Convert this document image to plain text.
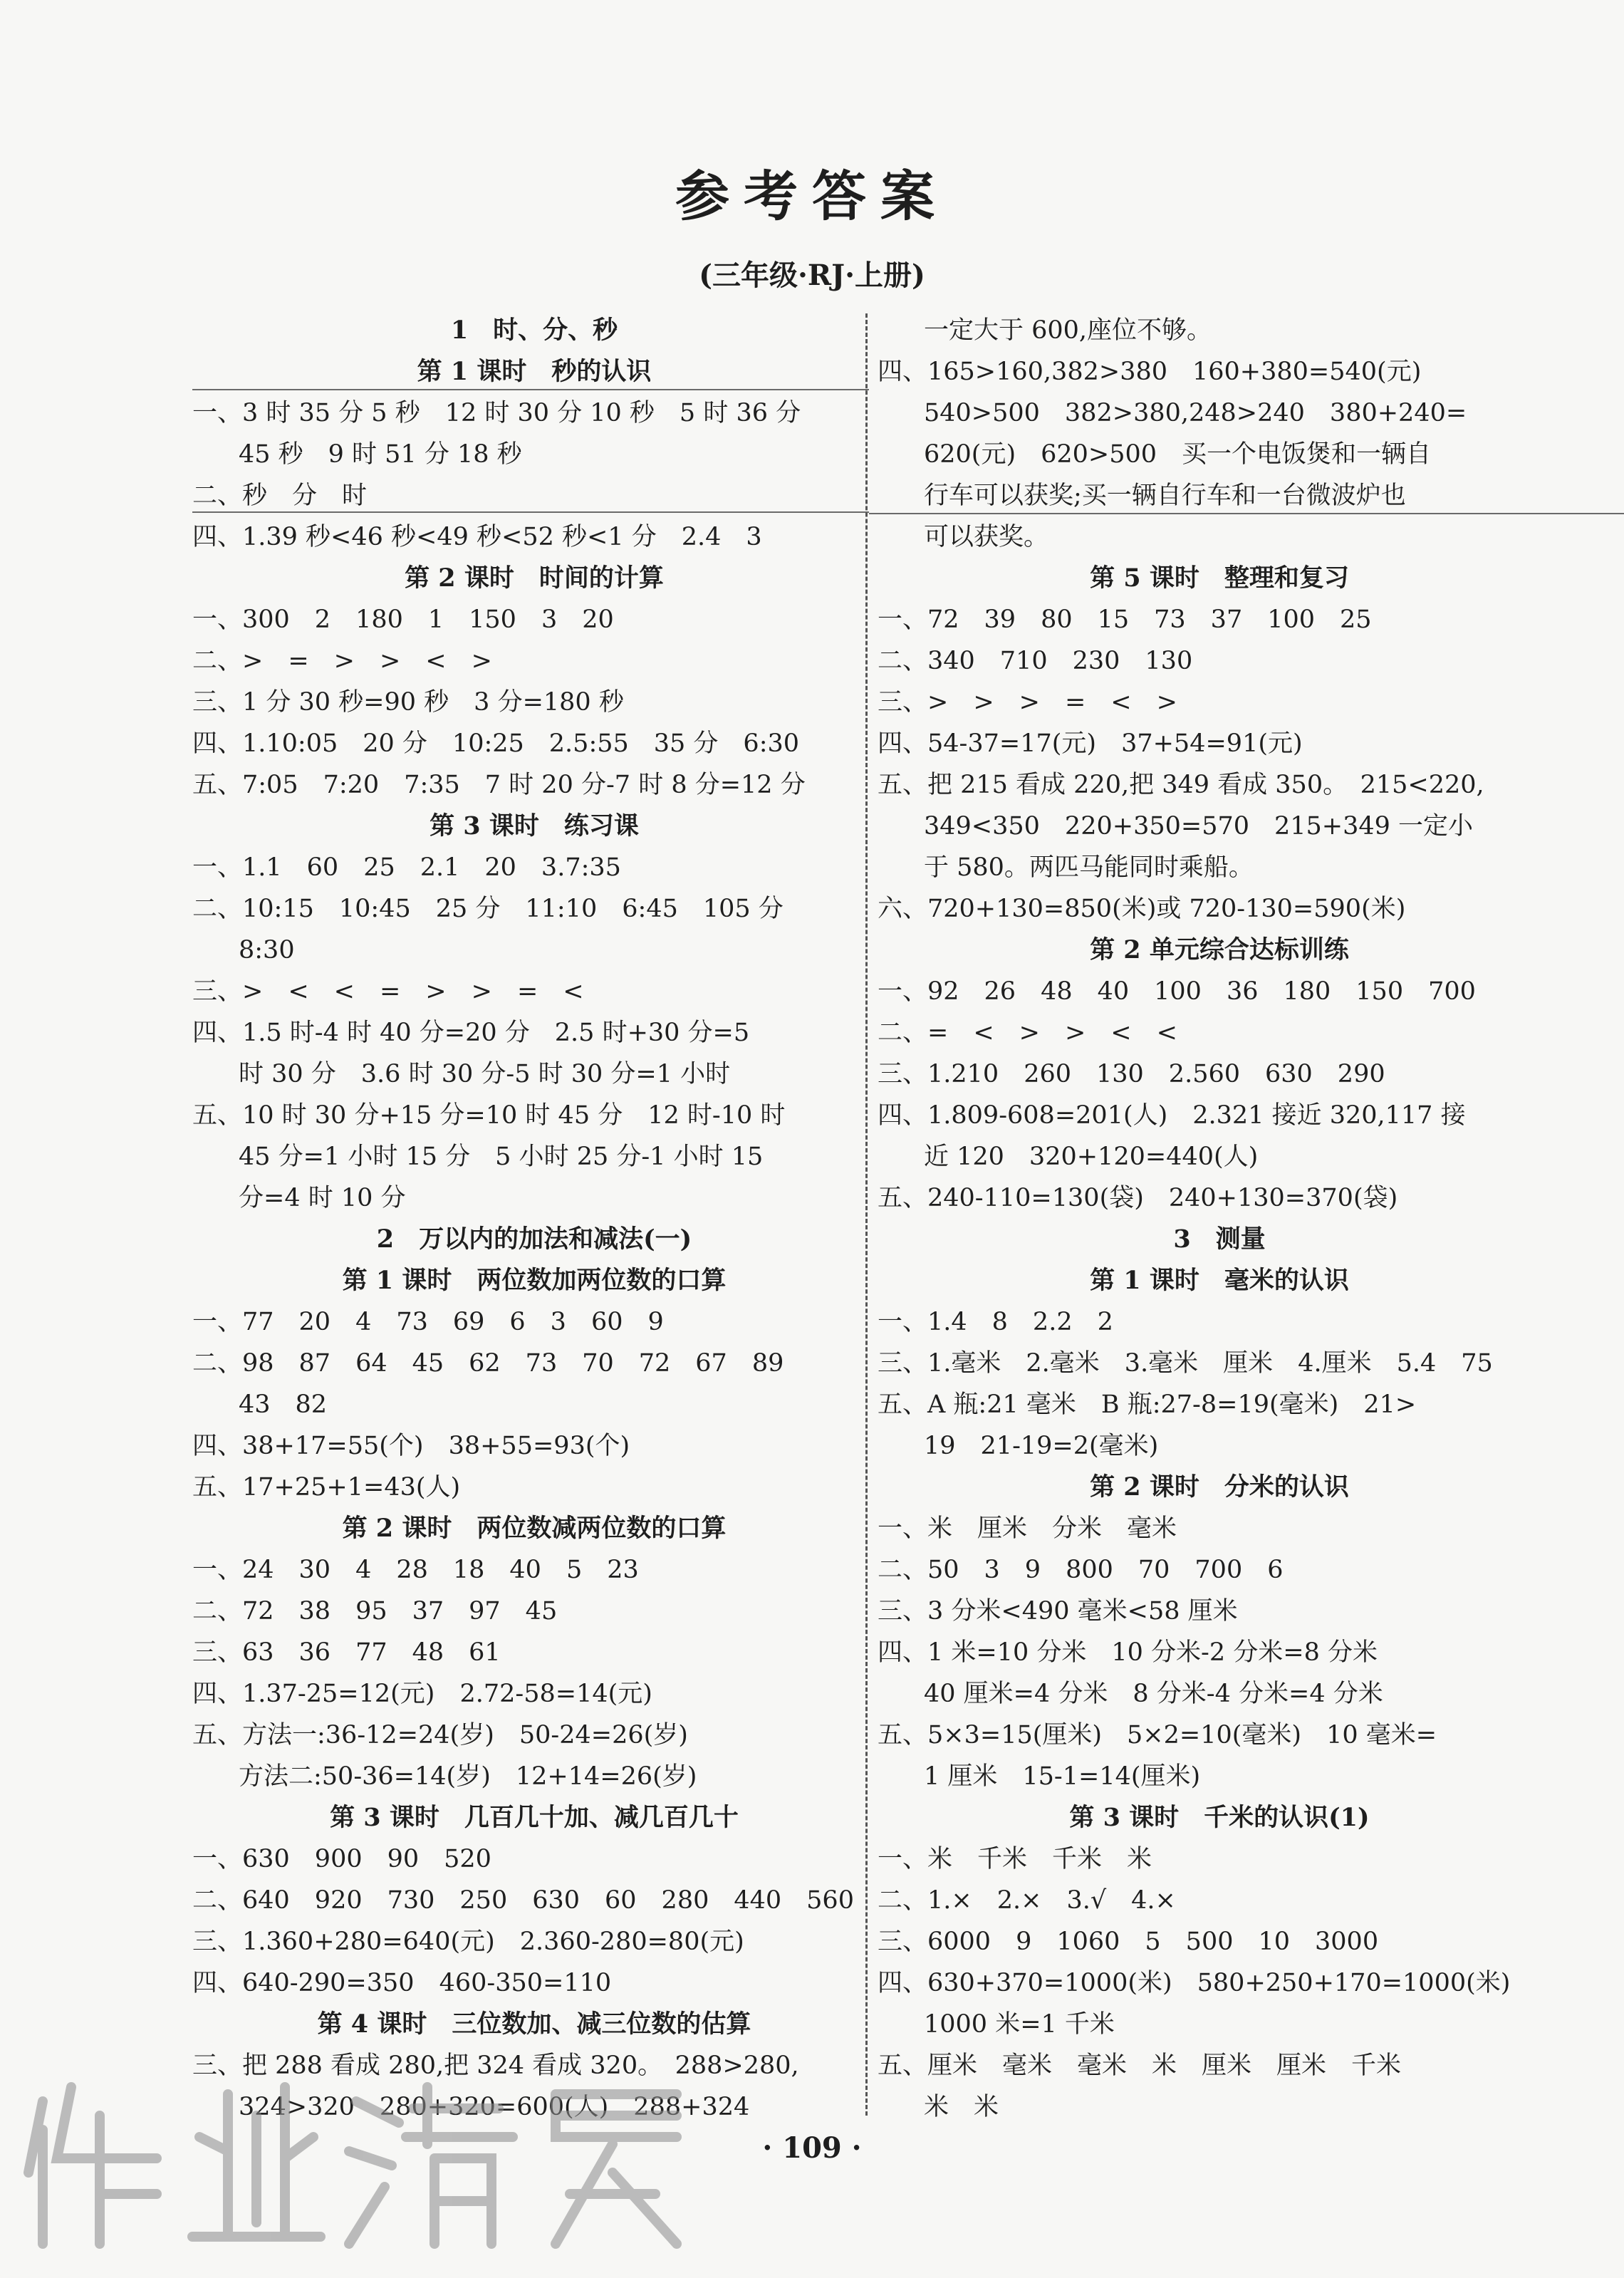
参考答案
(三年级·RJ·上册)
1　时、分、秒
第 1 课时　秒的认识
一、3 时 35 分 5 秒　12 时 30 分 10 秒　5 时 36 分
45 秒　9 时 51 分 18 秒
二、秒　分　时
四、1.39 秒<46 秒<49 秒<52 秒<1 分　2.4　3
第 2 课时　时间的计算
一、300　2　180　1　150　3　20
二、>　=　>　>　<　>
三、1 分 30 秒=90 秒　3 分=180 秒
四、1.10:05　20 分　10:25　2.5:55　35 分　6:30
五、7:05　7:20　7:35　7 时 20 分-7 时 8 分=12 分
第 3 课时　练习课
一、1.1　60　25　2.1　20　3.7:35
二、10:15　10:45　25 分　11:10　6:45　105 分
8:30
三、>　<　<　=　>　>　=　<
四、1.5 时-4 时 40 分=20 分　2.5 时+30 分=5
时 30 分　3.6 时 30 分-5 时 30 分=1 小时
五、10 时 30 分+15 分=10 时 45 分　12 时-10 时
45 分=1 小时 15 分　5 小时 25 分-1 小时 15
分=4 时 10 分
2　万以内的加法和减法(一)
第 1 课时　两位数加两位数的口算
一、77　20　4　73　69　6　3　60　9
二、98　87　64　45　62　73　70　72　67　89
43　82
四、38+17=55(个)　38+55=93(个)
五、17+25+1=43(人)
第 2 课时　两位数减两位数的口算
一、24　30　4　28　18　40　5　23
二、72　38　95　37　97　45
三、63　36　77　48　61
四、1.37-25=12(元)　2.72-58=14(元)
五、方法一:36-12=24(岁)　50-24=26(岁)
方法二:50-36=14(岁)　12+14=26(岁)
第 3 课时　几百几十加、减几百几十
一、630　900　90　520
二、640　920　730　250　630　60　280　440　560
三、1.360+280=640(元)　2.360-280=80(元)
四、640-290=350　460-350=110
第 4 课时　三位数加、减三位数的估算
三、把 288 看成 280,把 324 看成 320。　288>280,
324>320　280+320=600(人)　288+324
一定大于 600,座位不够。
四、165>160,382>380　160+380=540(元)
540>500　382>380,248>240　380+240=
620(元)　620>500　买一个电饭煲和一辆自
行车可以获奖;买一辆自行车和一台微波炉也
可以获奖。
第 5 课时　整理和复习
一、72　39　80　15　73　37　100　25
二、340　710　230　130
三、>　>　>　=　<　>
四、54-37=17(元)　37+54=91(元)
五、把 215 看成 220,把 349 看成 350。　215<220,
349<350　220+350=570　215+349 一定小
于 580。两匹马能同时乘船。
六、720+130=850(米)或 720-130=590(米)
第 2 单元综合达标训练
一、92　26　48　40　100　36　180　150　700
二、=　<　>　>　<　<
三、1.210　260　130　2.560　630　290
四、1.809-608=201(人)　2.321 接近 320,117 接
近 120　320+120=440(人)
五、240-110=130(袋)　240+130=370(袋)
3　测量
第 1 课时　毫米的认识
一、1.4　8　2.2　2
三、1.毫米　2.毫米　3.毫米　厘米　4.厘米　5.4　75
五、A 瓶:21 毫米　B 瓶:27-8=19(毫米)　21>
19　21-19=2(毫米)
第 2 课时　分米的认识
一、米　厘米　分米　毫米
二、50　3　9　800　70　700　6
三、3 分米<490 毫米<58 厘米
四、1 米=10 分米　10 分米-2 分米=8 分米
40 厘米=4 分米　8 分米-4 分米=4 分米
五、5×3=15(厘米)　5×2=10(毫米)　10 毫米=
1 厘米　15-1=14(厘米)
第 3 课时　千米的认识(1)
一、米　千米　千米　米
二、1.×　2.×　3.√　4.×
三、6000　9　1060　5　500　10　3000
四、630+370=1000(米)　580+250+170=1000(米)
1000 米=1 千米
五、厘米　毫米　毫米　米　厘米　厘米　千米
米　米
· 109 ·
